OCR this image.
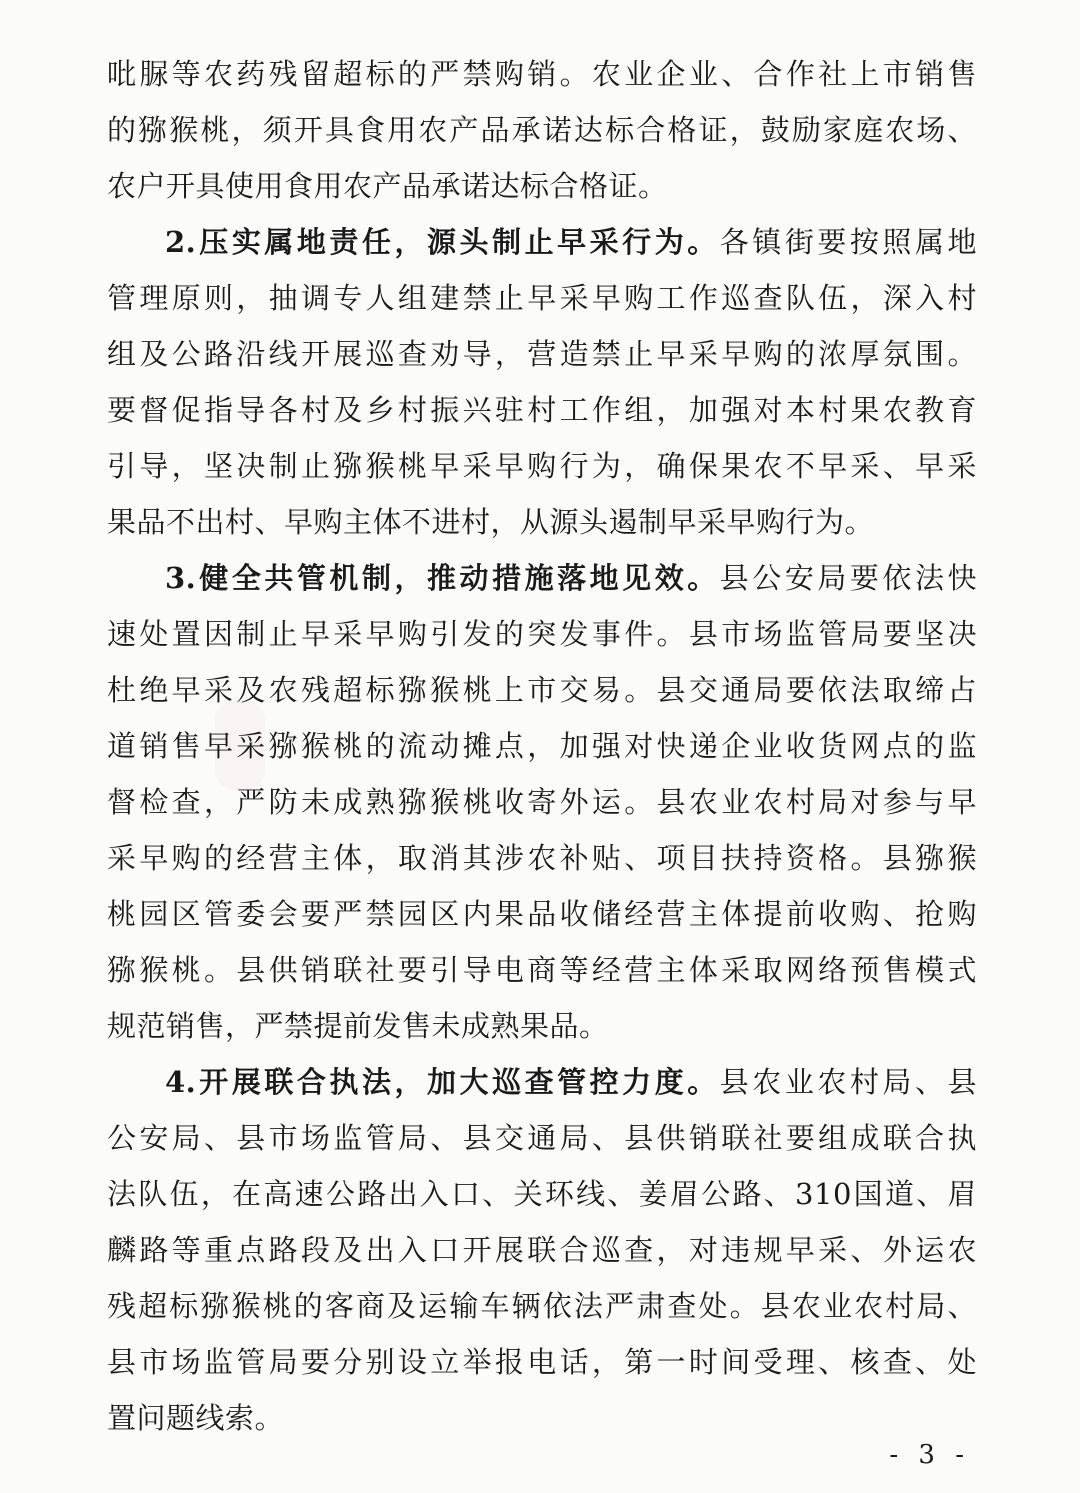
吡脲等农药残留超标的严禁购销。农业企业、合作社上市销售
的猕猴桃，须开具食用农产品承诺达标合格证，鼓励家庭农场、
农户开具使用食用农产品承诺达标合格证。
2.压实属地责任，源头制止早采行为。各镇街要按照属地
管理原则，抽调专人组建禁止早采早购工作巡查队伍，深入村
组及公路沿线开展巡查劝导，营造禁止早采早购的浓厚氛围。
要督促指导各村及乡村振兴驻村工作组，加强对本村果农教育
引导，坚决制止猕猴桃早采早购行为，确保果农不早采、早采
果品不出村、早购主体不进村，从源头遏制早采早购行为。
3.健全共管机制，推动措施落地见效。县公安局要依法快
速处置因制止早采早购引发的突发事件。县市场监管局要坚决
杜绝早采及农残超标猕猴桃上市交易。县交通局要依法取缔占
道销售早采猕猴桃的流动摊点，加强对快递企业收货网点的监
督检查，严防未成熟猕猴桃收寄外运。县农业农村局对参与早
采早购的经营主体，取消其涉农补贴、项目扶持资格。县猕猴
桃园区管委会要严禁园区内果品收储经营主体提前收购、抢购
猕猴桃。县供销联社要引导电商等经营主体采取网络预售模式
规范销售，严禁提前发售未成熟果品。
4.开展联合执法，加大巡查管控力度。县农业农村局、县
公安局、县市场监管局、县交通局、县供销联社要组成联合执
法队伍，在高速公路出入口、关环线、姜眉公路、310国道、眉
麟路等重点路段及出入口开展联合巡查，对违规早采、外运农
残超标猕猴桃的客商及运输车辆依法严肃查处。县农业农村局、
县市场监管局要分别设立举报电话，第一时间受理、核查、处
置问题线索。
- 3 -
